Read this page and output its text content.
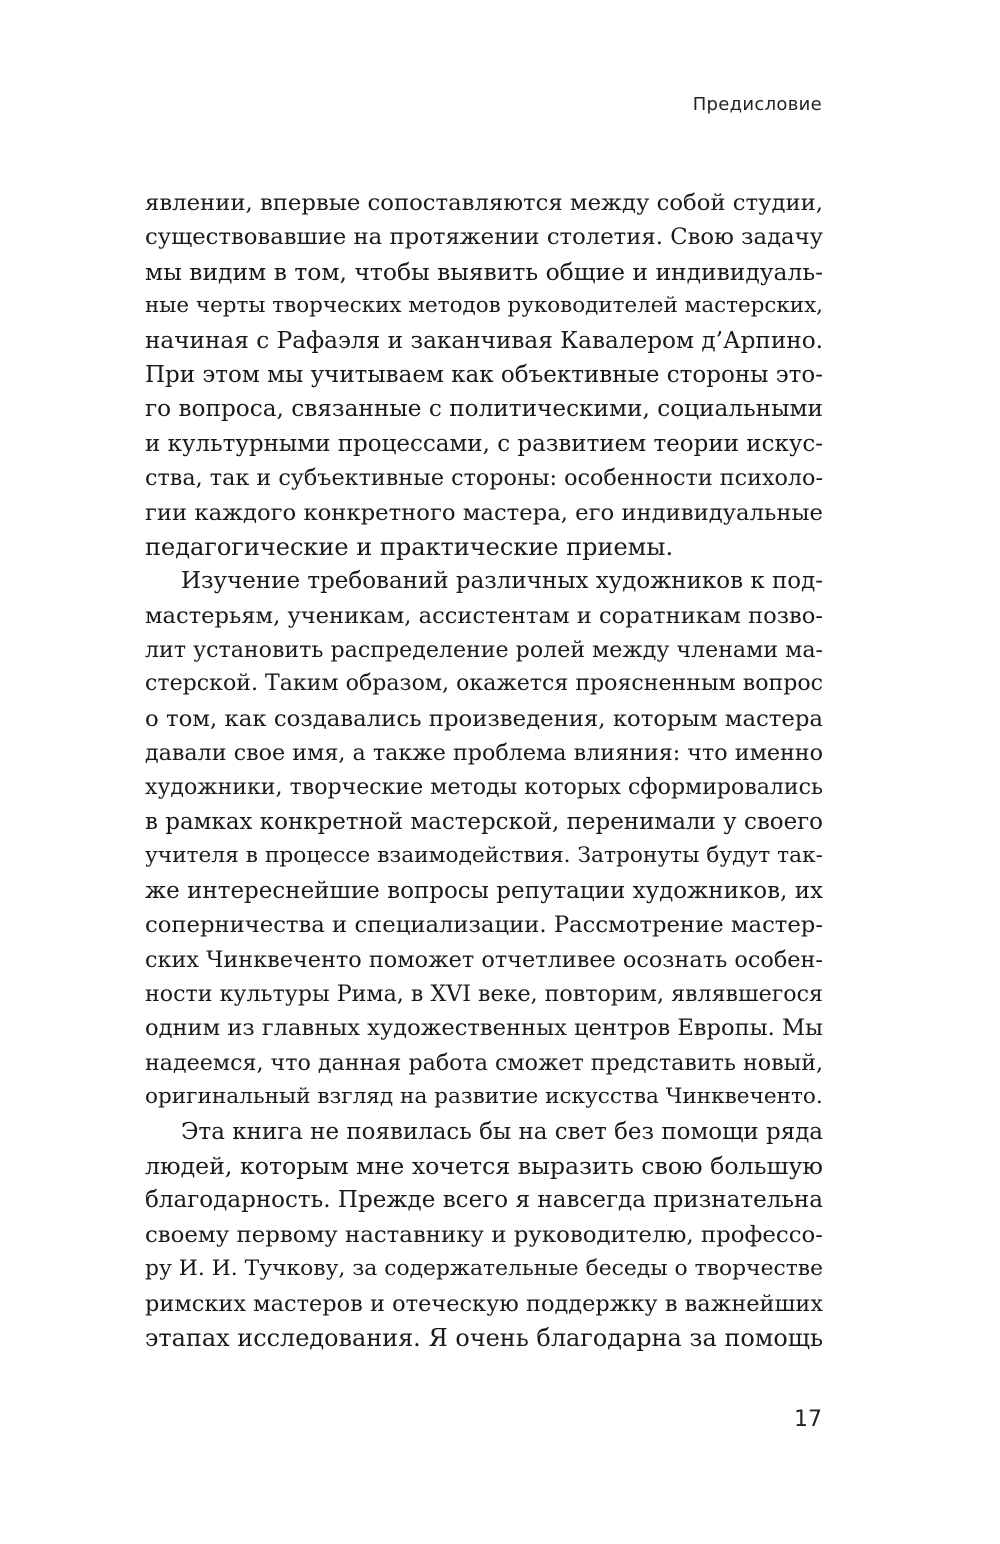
Предисловие
явлении, впервые сопоставляются между собой студии,
существовавшие на протяжении столетия. Свою задачу
мы видим в том, чтобы выявить общие и индивидуаль-
ные черты творческих методов руководителей мастерских,
начиная с Рафаэля и заканчивая Кавалером д’Арпино.
При этом мы учитываем как объективные стороны это-
го вопроса, связанные с политическими, социальными
и культурными процессами, с развитием теории искус-
ства, так и субъективные стороны: особенности психоло-
гии каждого конкретного мастера, его индивидуальные
педагогические и практические приемы.
Изучение требований различных художников к под-
мастерьям, ученикам, ассистентам и соратникам позво-
лит установить распределение ролей между членами ма-
стерской. Таким образом, окажется проясненным вопрос
о том, как создавались произведения, которым мастера
давали свое имя, а также проблема влияния: что именно
художники, творческие методы которых сформировались
в рамках конкретной мастерской, перенимали у своего
учителя в процессе взаимодействия. Затронуты будут так-
же интереснейшие вопросы репутации художников, их
соперничества и специализации. Рассмотрение мастер-
ских Чинквеченто поможет отчетливее осознать особен-
ности культуры Рима, в XVI веке, повторим, являвшегося
одним из главных художественных центров Европы. Мы
надеемся, что данная работа сможет представить новый,
оригинальный взгляд на развитие искусства Чинквеченто.
Эта книга не появилась бы на свет без помощи ряда
людей, которым мне хочется выразить свою большую
благодарность. Прежде всего я навсегда признательна
своему первому наставнику и руководителю, профессо-
ру И. И. Тучкову, за содержательные беседы о творчестве
римских мастеров и отеческую поддержку в важнейших
этапах исследования. Я очень благодарна за помощь
17
